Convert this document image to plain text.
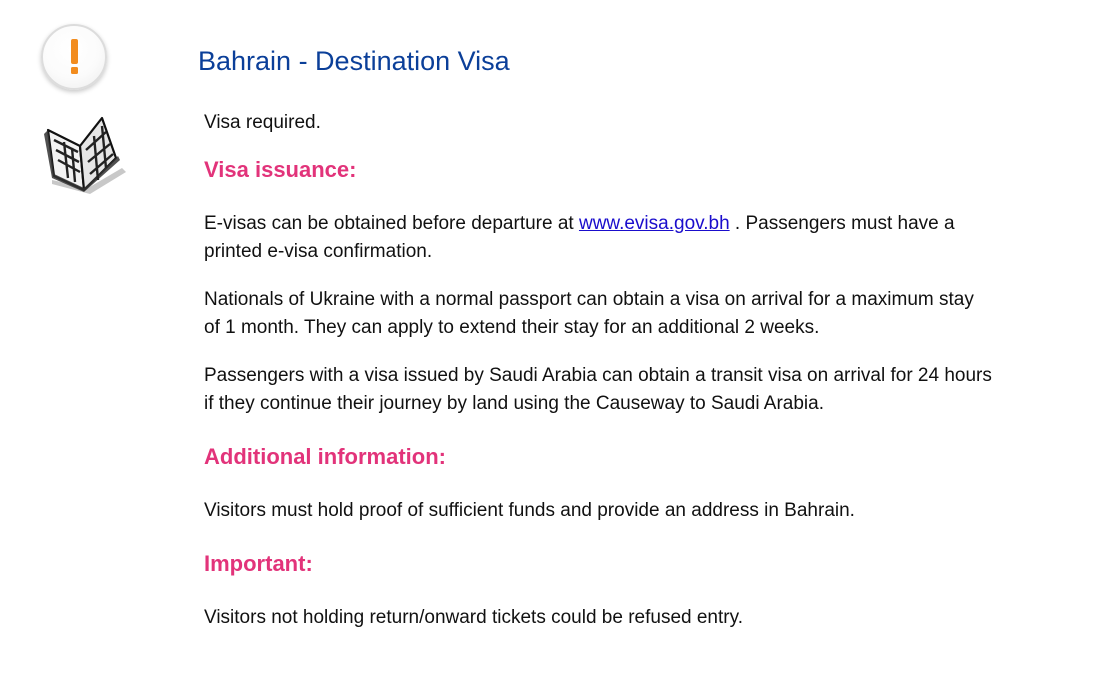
Bahrain - Destination Visa

Visa required.

Visa issuance:

E-visas can be obtained before departure at www.evisa.gov.bh . Passengers must have a printed e-visa confirmation.

Nationals of Ukraine with a normal passport can obtain a visa on arrival for a maximum stay of 1 month. They can apply to extend their stay for an additional 2 weeks.

Passengers with a visa issued by Saudi Arabia can obtain a transit visa on arrival for 24 hours if they continue their journey by land using the Causeway to Saudi Arabia.

Additional information:

Visitors must hold proof of sufficient funds and provide an address in Bahrain.

Important:

Visitors not holding return/onward tickets could be refused entry.
